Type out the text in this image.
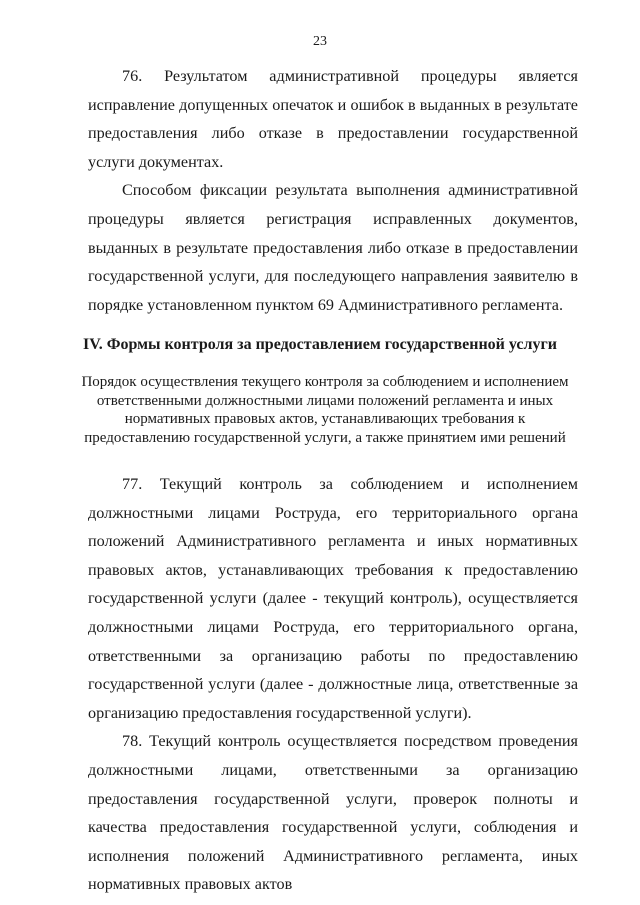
23

76. Результатом административной процедуры является исправление допущенных опечаток и ошибок в выданных в результате предоставления либо отказе в предоставлении государственной услуги документах.

Способом фиксации результата выполнения административной процедуры является регистрация исправленных документов, выданных в результате предоставления либо отказе в предоставлении государственной услуги, для последующего направления заявителю в порядке установленном пунктом 69 Административного регламента.

IV. Формы контроля за предоставлением государственной услуги
Порядок осуществления текущего контроля за соблюдением и исполнением ответственными должностными лицами положений регламента и иных нормативных правовых актов, устанавливающих требования к предоставлению государственной услуги, а также принятием ими решений

77. Текущий контроль за соблюдением и исполнением должностными лицами Роструда, его территориального органа положений Административного регламента и иных нормативных правовых актов, устанавливающих требования к предоставлению государственной услуги (далее - текущий контроль), осуществляется должностными лицами Роструда, его территориального органа, ответственными за организацию работы по предоставлению государственной услуги (далее - должностные лица, ответственные за организацию предоставления государственной услуги).

78. Текущий контроль осуществляется посредством проведения должностными лицами, ответственными за организацию предоставления государственной услуги, проверок полноты и качества предоставления государственной услуги, соблюдения и исполнения положений Административного регламента, иных нормативных правовых актов
